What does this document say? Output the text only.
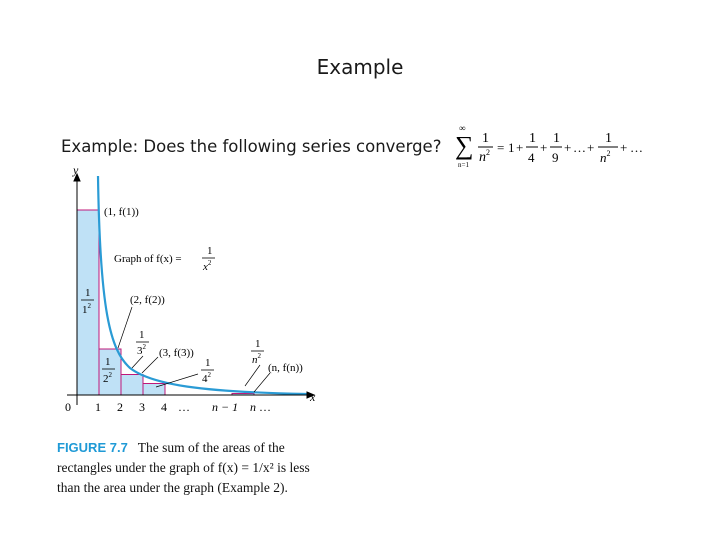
Example
Example: Does the following series converge? ∑
∞
n=1
1
$n^2 = 1$ +
1
4
+
1
9
+ … +
1
$n^2$ + …
x
y
0 1 2 3 4 … n − 1 n …
(1, f(1))
Graph of f(x) =
1
$x^2$
(2, f(2))
(3, f(3))
(n, f(n))
1
$1^2$
1
$2^2$
1
$3^2$
1
$4^2$
1
$n^2$
FIGURE 7.7 The sum of the areas of the rectangles under the graph of f(x) = 1/x² is less than the area under the graph (Example 2).
